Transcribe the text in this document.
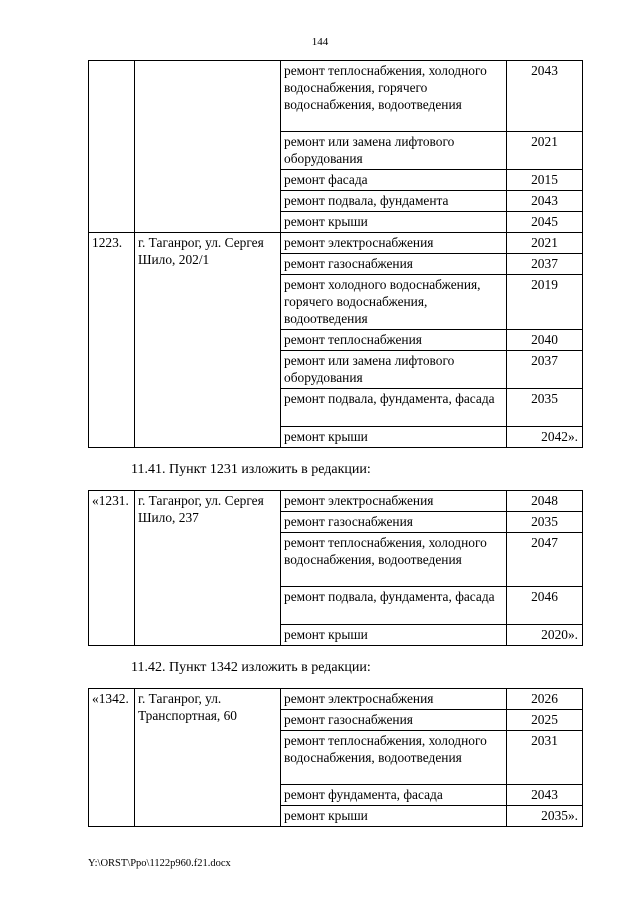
144
		ремонт теплоснабжения, холодного водоснабжения, горячего водоснабжения, водоотведения	2043
		ремонт или замена лифтового оборудования	2021
		ремонт фасада	2015
		ремонт подвала, фундамента	2043
		ремонт крыши	2045
1223.	г. Таганрог, ул. Сергея Шило, 202/1	ремонт электроснабжения	2021
		ремонт газоснабжения	2037
		ремонт холодного водоснабжения, горячего водоснабжения, водоотведения	2019
		ремонт теплоснабжения	2040
		ремонт или замена лифтового оборудования	2037
		ремонт подвала, фундамента, фасада	2035
		ремонт крыши	2042».
11.41. Пункт 1231 изложить в редакции:
«1231.	г. Таганрог, ул. Сергея Шило, 237	ремонт электроснабжения	2048
		ремонт газоснабжения	2035
		ремонт теплоснабжения, холодного водоснабжения, водоотведения	2047
		ремонт подвала, фундамента, фасада	2046
		ремонт крыши	2020».
11.42. Пункт 1342 изложить в редакции:
«1342.	г. Таганрог, ул. Транспортная, 60	ремонт электроснабжения	2026
		ремонт газоснабжения	2025
		ремонт теплоснабжения, холодного водоснабжения, водоотведения	2031
		ремонт фундамента, фасада	2043
		ремонт крыши	2035».
Y:\ORST\Ppo\1122p960.f21.docx
